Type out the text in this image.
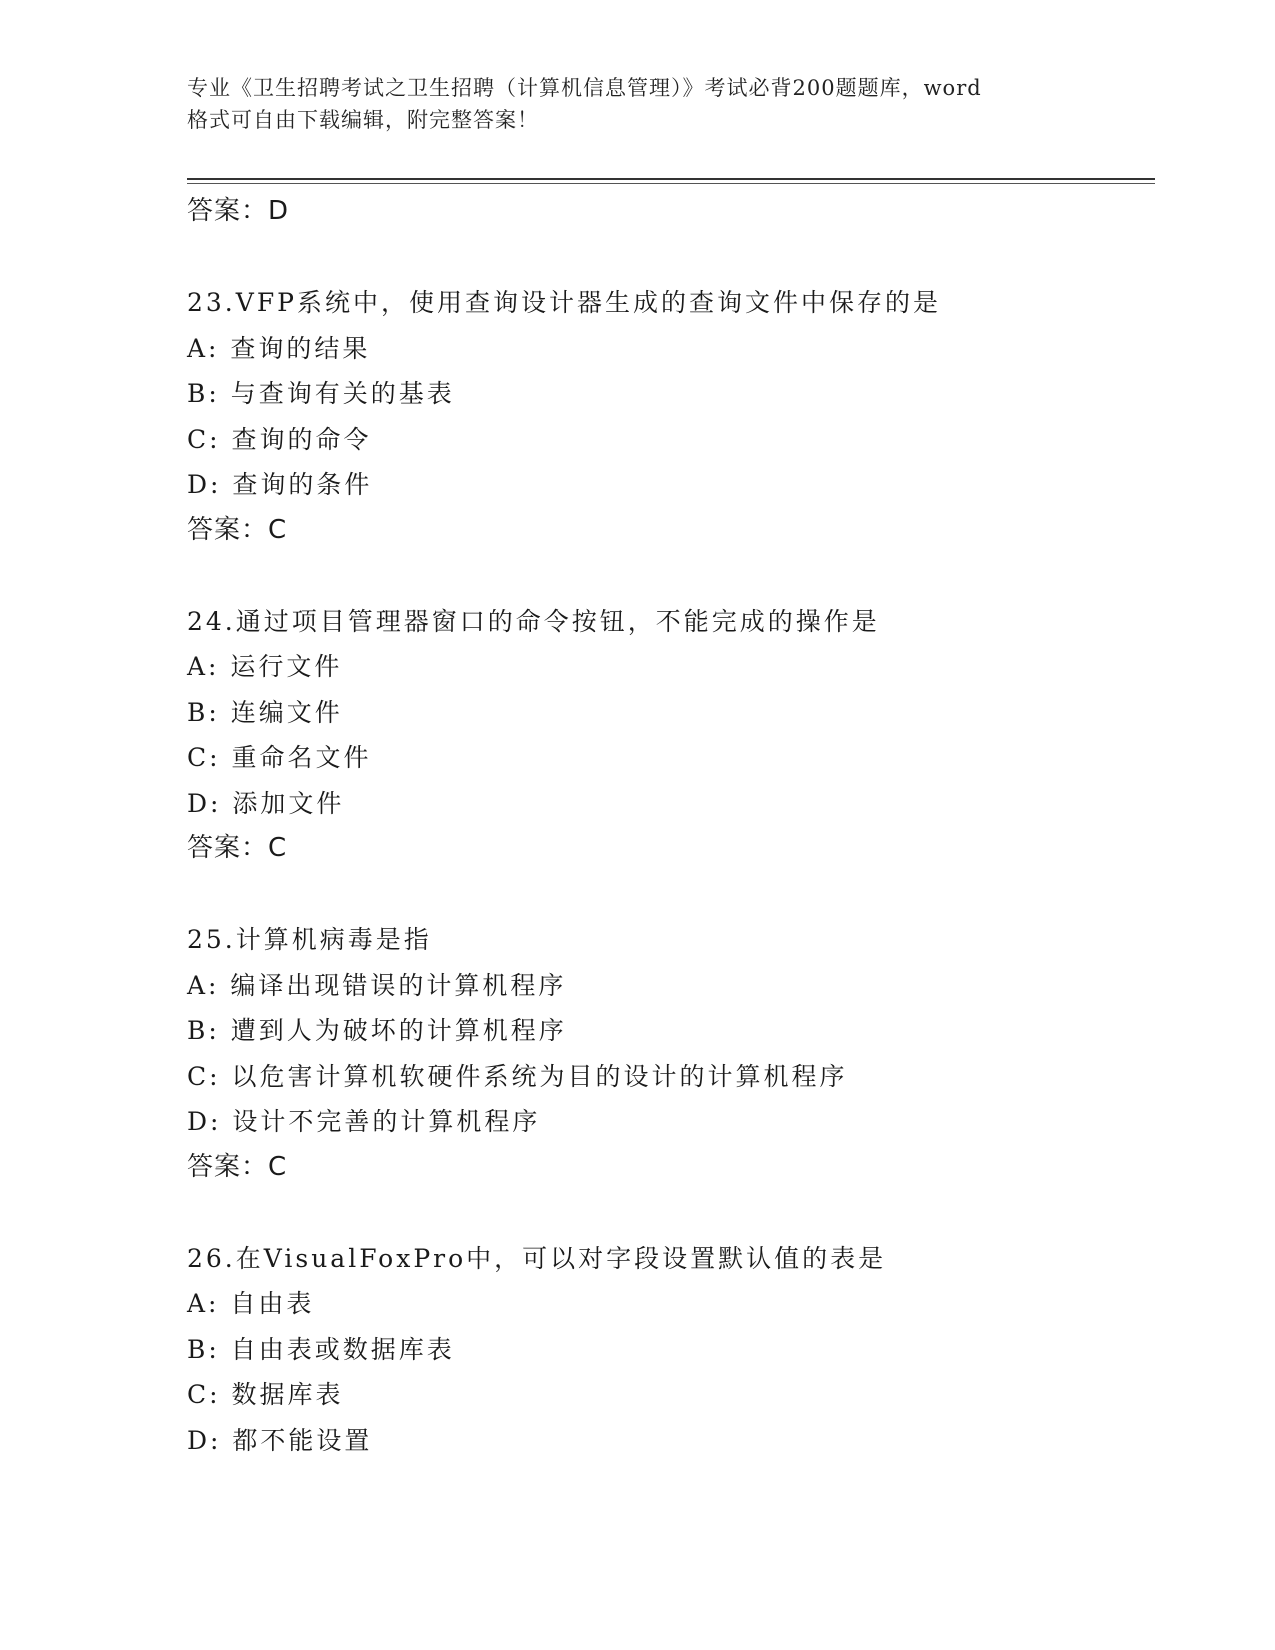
专业《卫生招聘考试之卫生招聘（计算机信息管理）》考试必背200题题库，word
格式可自由下载编辑，附完整答案！
答案：D
23.VFP系统中，使用查询设计器生成的查询文件中保存的是
A: 查询的结果
B: 与查询有关的基表
C: 查询的命令
D: 查询的条件
答案：C
24.通过项目管理器窗口的命令按钮，不能完成的操作是
A: 运行文件
B: 连编文件
C: 重命名文件
D: 添加文件
答案：C
25.计算机病毒是指
A: 编译出现错误的计算机程序
B: 遭到人为破坏的计算机程序
C: 以危害计算机软硬件系统为目的设计的计算机程序
D: 设计不完善的计算机程序
答案：C
26.在VisualFoxPro中，可以对字段设置默认值的表是
A: 自由表
B: 自由表或数据库表
C: 数据库表
D: 都不能设置
